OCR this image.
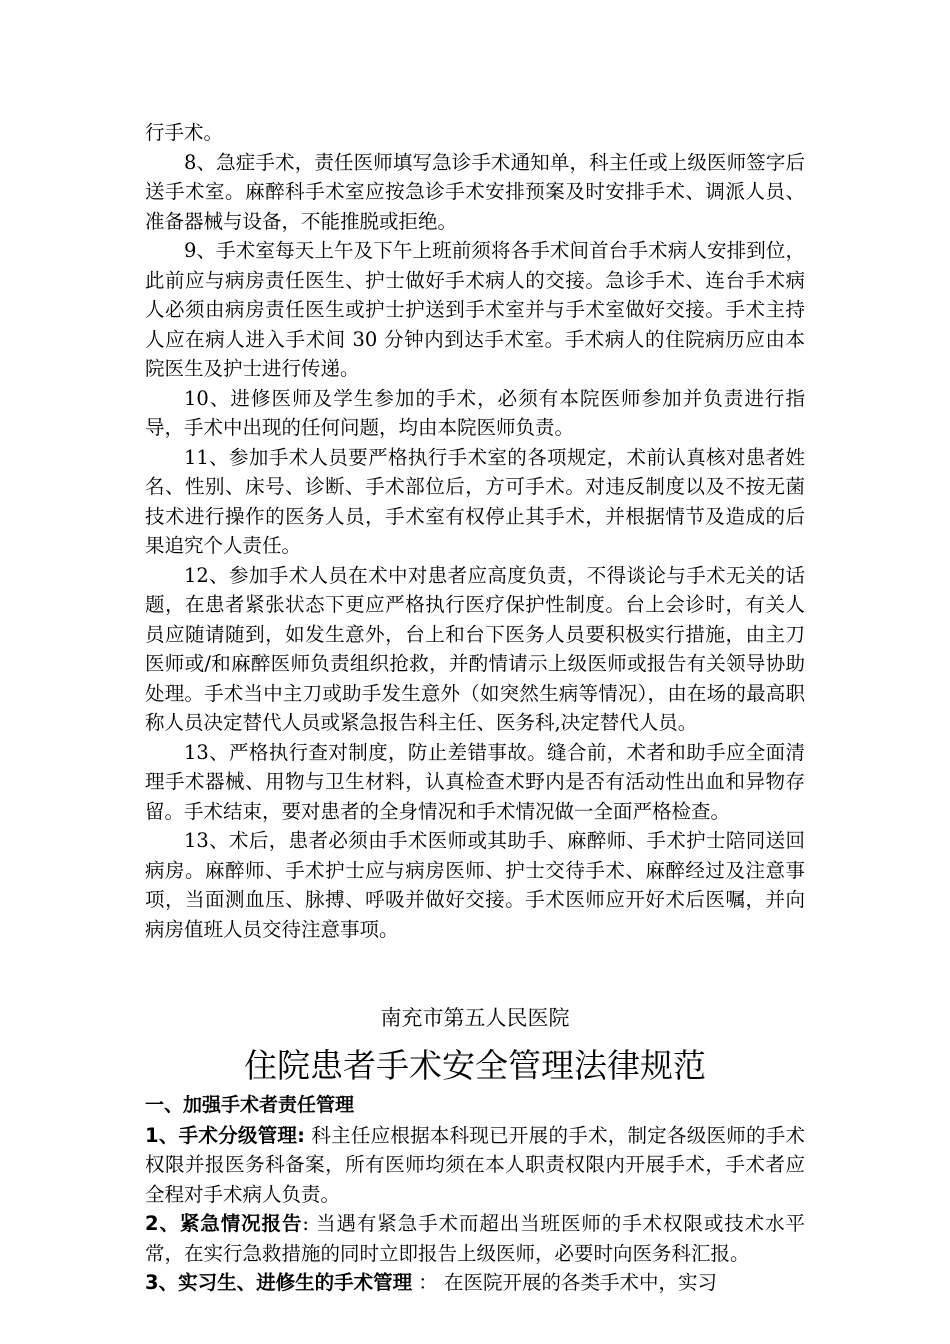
行手术。

8、急症手术，责任医师填写急诊手术通知单，科主任或上级医师签字后送手术室。麻醉科手术室应按急诊手术安排预案及时安排手术、调派人员、准备器械与设备，不能推脱或拒绝。

9、手术室每天上午及下午上班前须将各手术间首台手术病人安排到位，此前应与病房责任医生、护士做好手术病人的交接。急诊手术、连台手术病人必须由病房责任医生或护士护送到手术室并与手术室做好交接。手术主持人应在病人进入手术间 30 分钟内到达手术室。手术病人的住院病历应由本院医生及护士进行传递。

10、进修医师及学生参加的手术，必须有本院医师参加并负责进行指导，手术中出现的任何问题，均由本院医师负责。

11、参加手术人员要严格执行手术室的各项规定，术前认真核对患者姓名、性别、床号、诊断、手术部位后，方可手术。对违反制度以及不按无菌技术进行操作的医务人员，手术室有权停止其手术，并根据情节及造成的后果追究个人责任。

12、参加手术人员在术中对患者应高度负责，不得谈论与手术无关的话题，在患者紧张状态下更应严格执行医疗保护性制度。台上会诊时，有关人员应随请随到，如发生意外，台上和台下医务人员要积极实行措施，由主刀医师或/和麻醉医师负责组织抢救，并酌情请示上级医师或报告有关领导协助处理。手术当中主刀或助手发生意外（如突然生病等情况），由在场的最高职称人员决定替代人员或紧急报告科主任、医务科,决定替代人员。

13、严格执行查对制度，防止差错事故。缝合前，术者和助手应全面清理手术器械、用物与卫生材料，认真检查术野内是否有活动性出血和异物存留。手术结束，要对患者的全身情况和手术情况做一全面严格检查。

13、术后，患者必须由手术医师或其助手、麻醉师、手术护士陪同送回病房。麻醉师、手术护士应与病房医师、护士交待手术、麻醉经过及注意事项，当面测血压、脉搏、呼吸并做好交接。手术医师应开好术后医嘱，并向病房值班人员交待注意事项。

南充市第五人民医院

住院患者手术安全管理法律规范

一、加强手术者责任管理

1、手术分级管理: 科主任应根据本科现已开展的手术，制定各级医师的手术权限并报医务科备案，所有医师均须在本人职责权限内开展手术，手术者应全程对手术病人负责。

2、紧急情况报告: 当遇有紧急手术而超出当班医师的手术权限或技术水平常，在实行急救措施的同时立即报告上级医师，必要时向医务科汇报。

3、实习生、进修生的手术管理 ： 在医院开展的各类手术中，实习
